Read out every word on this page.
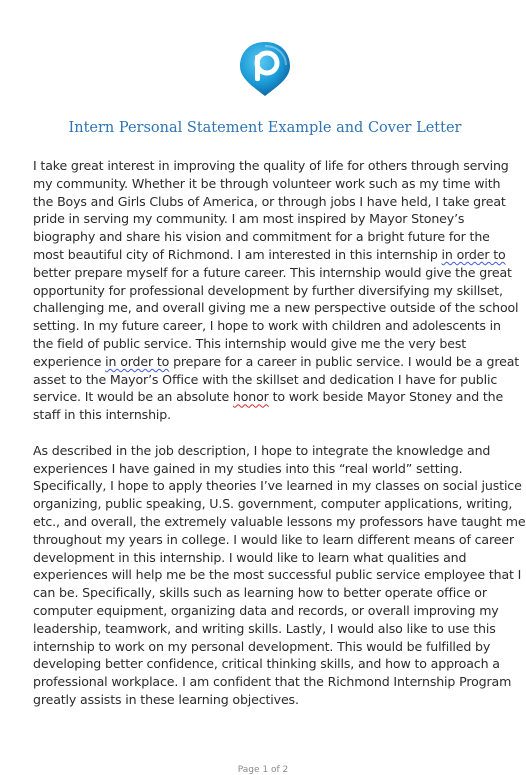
Intern Personal Statement Example and Cover Letter

I take great interest in improving the quality of life for others through serving
my community. Whether it be through volunteer work such as my time with
the Boys and Girls Clubs of America, or through jobs I have held, I take great
pride in serving my community. I am most inspired by Mayor Stoney’s
biography and share his vision and commitment for a bright future for the
most beautiful city of Richmond. I am interested in this internship in order to
better prepare myself for a future career. This internship would give the great
opportunity for professional development by further diversifying my skillset,
challenging me, and overall giving me a new perspective outside of the school
setting. In my future career, I hope to work with children and adolescents in
the field of public service. This internship would give me the very best
experience in order to prepare for a career in public service. I would be a great
asset to the Mayor’s Office with the skillset and dedication I have for public
service. It would be an absolute honor to work beside Mayor Stoney and the
staff in this internship.

As described in the job description, I hope to integrate the knowledge and
experiences I have gained in my studies into this “real world” setting.
Specifically, I hope to apply theories I’ve learned in my classes on social justice
organizing, public speaking, U.S. government, computer applications, writing,
etc., and overall, the extremely valuable lessons my professors have taught me
throughout my years in college. I would like to learn different means of career
development in this internship. I would like to learn what qualities and
experiences will help me be the most successful public service employee that I
can be. Specifically, skills such as learning how to better operate office or
computer equipment, organizing data and records, or overall improving my
leadership, teamwork, and writing skills. Lastly, I would also like to use this
internship to work on my personal development. This would be fulfilled by
developing better confidence, critical thinking skills, and how to approach a
professional workplace. I am confident that the Richmond Internship Program
greatly assists in these learning objectives.

Page 1 of 2
